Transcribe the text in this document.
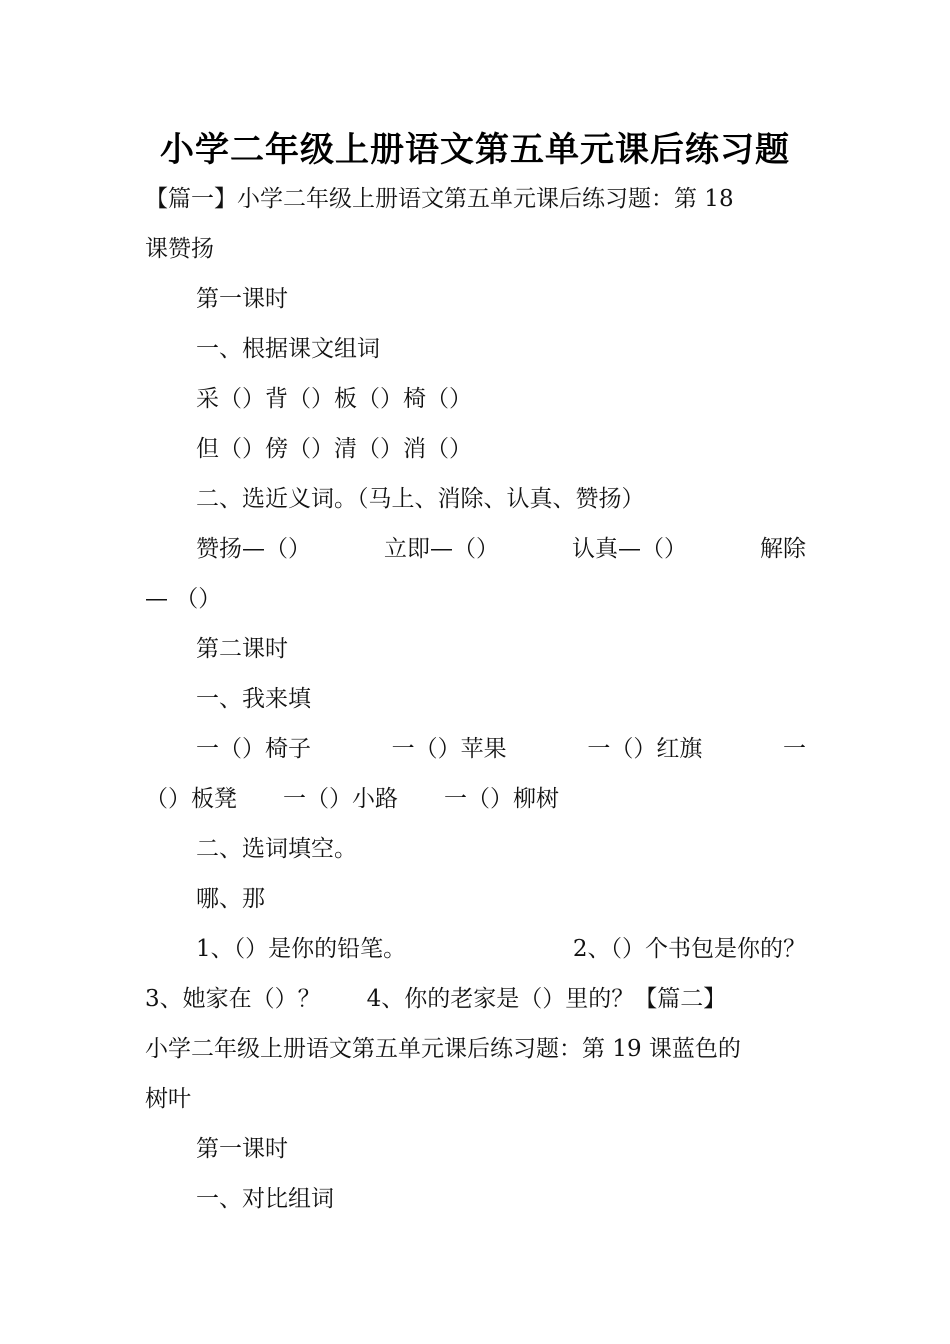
小学二年级上册语文第五单元课后练习题
【篇一】小学二年级上册语文第五单元课后练习题：第 18
课赞扬
第一课时
一、根据课文组词
采（）背（）板（）椅（）
但（）傍（）清（）消（）
二、选近义词。（马上、消除、认真、赞扬）
赞扬—（）	立即—（）	认真—（）	解除
— （）
第二课时
一、我来填
一（）椅子	一（）苹果	一（）红旗	一
（）板凳　　一（）小路　　一（）柳树
二、选词填空。
哪、那
1、（）是你的铅笔。	2、（）个书包是你的？
3、她家在（）？　　4、你的老家是（）里的？【篇二】
小学二年级上册语文第五单元课后练习题：第 19 课蓝色的
树叶
第一课时
一、对比组词
